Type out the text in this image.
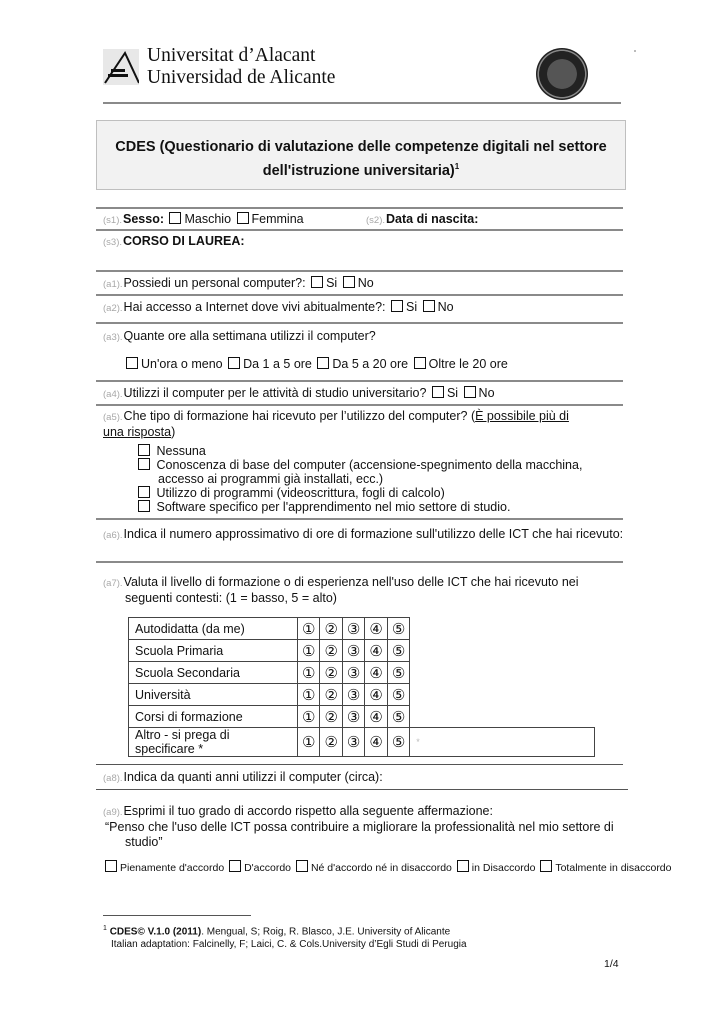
Universitat d’Alacant
Universidad de Alicante
CDES (Questionario di valutazione delle competenze digitali nel settore
dell'istruzione universitaria)$^1$
(s1).Sesso: Maschio Femmina	(s2).Data di nascita:
(s3).CORSO DI LAUREA:
(a1).Possiedi un personal computer?: Si No
(a2).Hai accesso a Internet dove vivi abitualmente?: Si No
(a3).Quante ore alla settimana utilizzi il computer?
Un'ora o meno Da 1 a 5 ore Da 5 a 20 ore Oltre le 20 ore
(a4).Utilizzi il computer per le attività di studio universitario? Si No
(a5).Che tipo di formazione hai ricevuto per l’utilizzo del computer? (È possibile più di una risposta)
Nessuna
Conoscenza di base del computer (accensione-spegnimento della macchina,
accesso ai programmi già installati, ecc.)
Utilizzo di programmi (videoscrittura, fogli di calcolo)
Software specifico per l'apprendimento nel mio settore di studio.
(a6).Indica il numero approssimativo di ore di formazione sull'utilizzo delle ICT che hai ricevuto:
(a7).Valuta il livello di formazione o di esperienza nell'uso delle ICT che hai ricevuto nei
seguenti contesti: (1 = basso, 5 = alto)
Autodidatta (da me)	①	②	③	④	⑤	
Scuola Primaria	①	②	③	④	⑤	
Scuola Secondaria	①	②	③	④	⑤	
Università	①	②	③	④	⑤	
Corsi di formazione	①	②	③	④	⑤	
Altro - si prega di specificare *	①	②	③	④	⑤	*
(a8).Indica da quanti anni utilizzi il computer (circa):
(a9).Esprimi il tuo grado di accordo rispetto alla seguente affermazione:
“Penso che l'uso delle ICT possa contribuire a migliorare la professionalità nel mio settore di
studio”
Pienamente d'accordo D'accordo Né d'accordo né in disaccordo in Disaccordo Totalmente in disaccordo
$^1$ CDES© V.1.0 (2011). Mengual, S; Roig, R. Blasco, J.E. University of Alicante
Italian adaptation: Falcinelly, F; Laici, C. & Cols.University d’Egli Studi di Perugia
1/4
